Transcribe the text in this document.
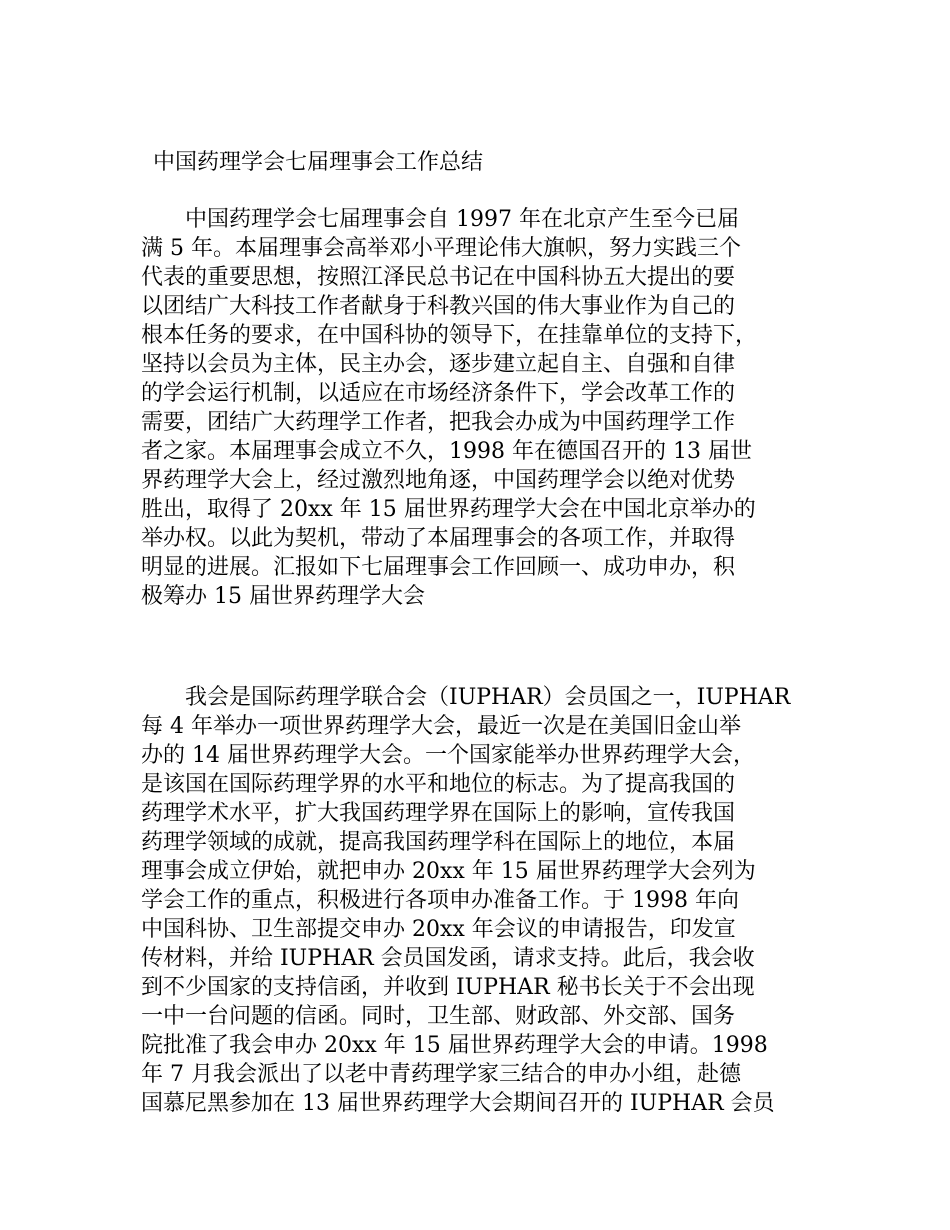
中国药理学会七届理事会工作总结
　　中国药理学会七届理事会自 1997 年在北京产生至今已届
满 5 年。本届理事会高举邓小平理论伟大旗帜，努力实践三个
代表的重要思想，按照江泽民总书记在中国科协五大提出的要
以团结广大科技工作者献身于科教兴国的伟大事业作为自己的
根本任务的要求，在中国科协的领导下，在挂靠单位的支持下，
坚持以会员为主体，民主办会，逐步建立起自主、自强和自律
的学会运行机制，以适应在市场经济条件下，学会改革工作的
需要，团结广大药理学工作者，把我会办成为中国药理学工作
者之家。本届理事会成立不久，1998 年在德国召开的 13 届世
界药理学大会上，经过激烈地角逐，中国药理学会以绝对优势
胜出，取得了 20xx 年 15 届世界药理学大会在中国北京举办的
举办权。以此为契机，带动了本届理事会的各项工作，并取得
明显的进展。汇报如下七届理事会工作回顾一、成功申办，积
极筹办 15 届世界药理学大会
　　我会是国际药理学联合会（IUPHAR）会员国之一，IUPHAR
每 4 年举办一项世界药理学大会，最近一次是在美国旧金山举
办的 14 届世界药理学大会。一个国家能举办世界药理学大会，
是该国在国际药理学界的水平和地位的标志。为了提高我国的
药理学术水平，扩大我国药理学界在国际上的影响，宣传我国
药理学领域的成就，提高我国药理学科在国际上的地位，本届
理事会成立伊始，就把申办 20xx 年 15 届世界药理学大会列为
学会工作的重点，积极进行各项申办准备工作。于 1998 年向
中国科协、卫生部提交申办 20xx 年会议的申请报告，印发宣
传材料，并给 IUPHAR 会员国发函，请求支持。此后，我会收
到不少国家的支持信函，并收到 IUPHAR 秘书长关于不会出现
一中一台问题的信函。同时，卫生部、财政部、外交部、国务
院批准了我会申办 20xx 年 15 届世界药理学大会的申请。1998
年 7 月我会派出了以老中青药理学家三结合的申办小组，赴德
国慕尼黑参加在 13 届世界药理学大会期间召开的 IUPHAR 会员
